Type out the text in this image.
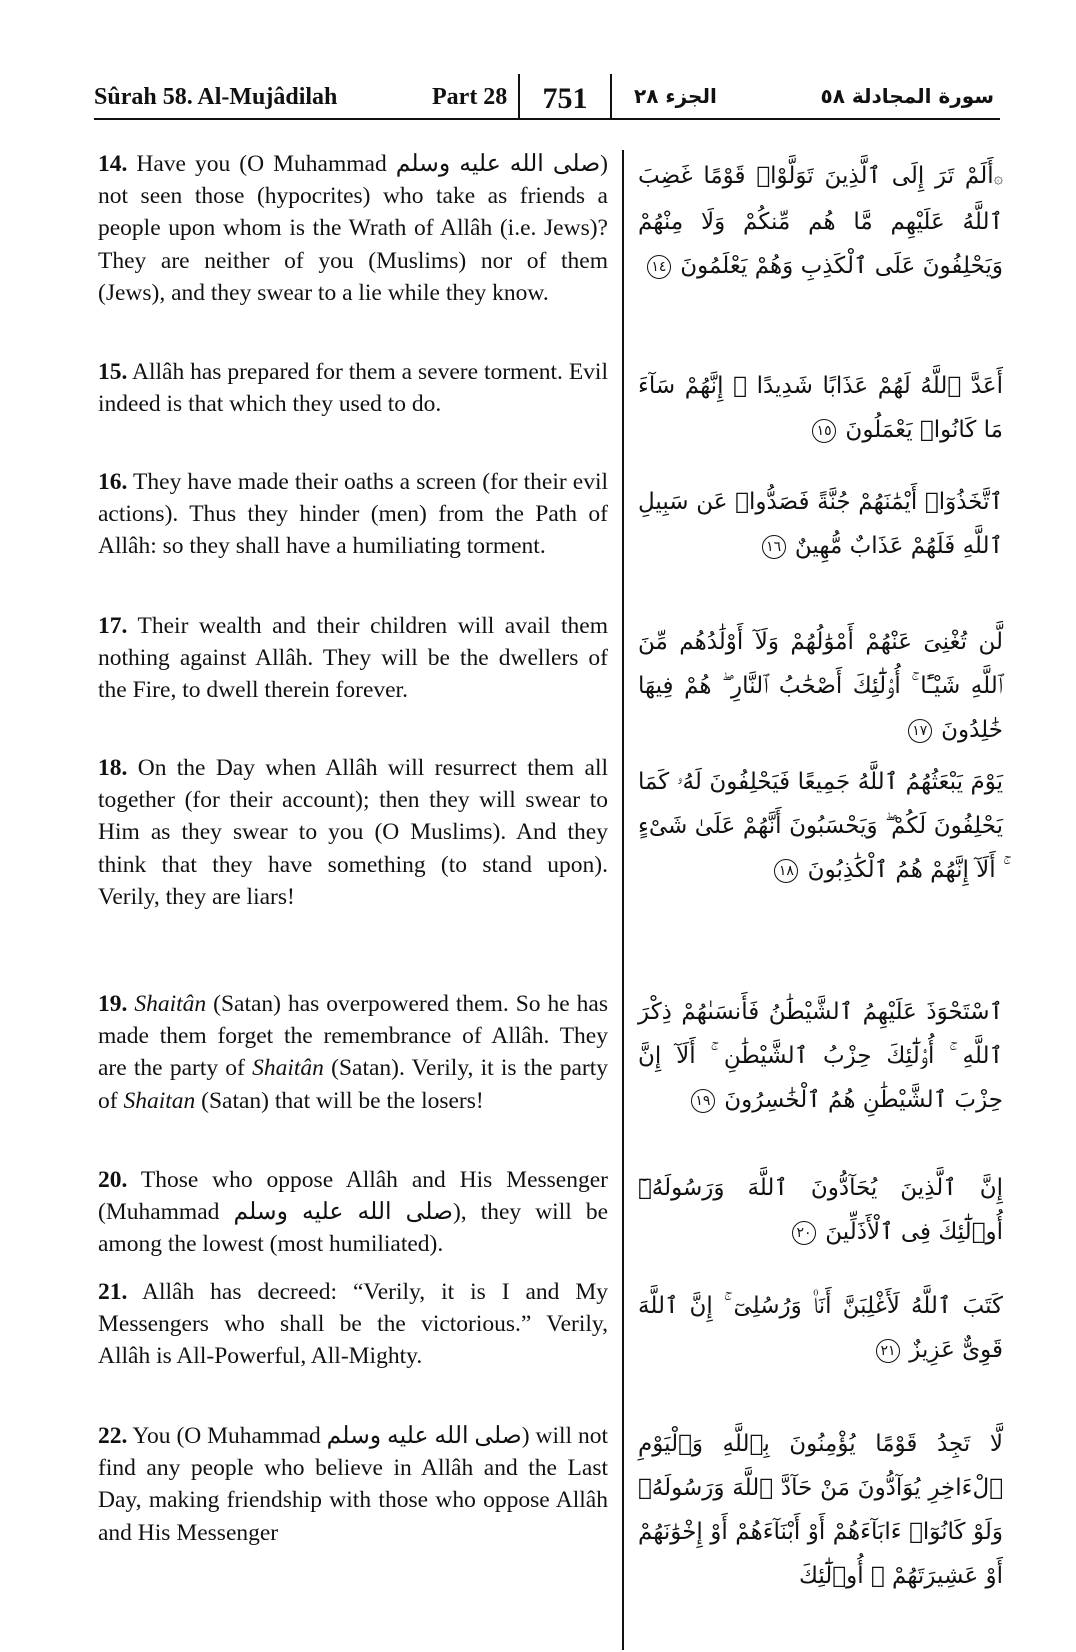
Sûrah 58. Al-Mujâdilah	Part 28	751	الجزء ٢٨	سورة المجادلة ٥٨

14. Have you (O Muhammad صلى الله عليه وسلم) not seen those (hypocrites) who take as friends a people upon whom is the Wrath of Allâh (i.e. Jews)? They are neither of you (Muslims) nor of them (Jews), and they swear to a lie while they know.

15. Allâh has prepared for them a severe torment. Evil indeed is that which they used to do.

16. They have made their oaths a screen (for their evil actions). Thus they hinder (men) from the Path of Allâh: so they shall have a humiliating torment.

17. Their wealth and their children will avail them nothing against Allâh. They will be the dwellers of the Fire, to dwell therein forever.

18. On the Day when Allâh will resurrect them all together (for their account); then they will swear to Him as they swear to you (O Muslims). And they think that they have something (to stand upon). Verily, they are liars!

19. Shaitân (Satan) has overpowered them. So he has made them forget the remembrance of Allâh. They are the party of Shaitân (Satan). Verily, it is the party of Shaitan (Satan) that will be the losers!

20. Those who oppose Allâh and His Messenger (Muhammad صلى الله عليه وسلم), they will be among the lowest (most humiliated).

21. Allâh has decreed: “Verily, it is I and My Messengers who shall be the victorious.” Verily, Allâh is All-Powerful, All-Mighty.

22. You (O Muhammad صلى الله عليه وسلم) will not find any people who believe in Allâh and the Last Day, making friendship with those who oppose Allâh and His Messenger

۞أَلَمْ تَرَ إِلَى ٱلَّذِينَ تَوَلَّوْا۟ قَوْمًا غَضِبَ ٱللَّهُ عَلَيْهِم مَّا هُم مِّنكُمْ وَلَا مِنْهُمْ وَيَحْلِفُونَ عَلَى ٱلْكَذِبِ وَهُمْ يَعْلَمُونَ ١٤

أَعَدَّ ٱللَّهُ لَهُمْ عَذَابًا شَدِيدًا ۖ إِنَّهُمْ سَآءَ مَا كَانُوا۟ يَعْمَلُونَ ١٥

ٱتَّخَذُوٓا۟ أَيْمَٰنَهُمْ جُنَّةً فَصَدُّوا۟ عَن سَبِيلِ ٱللَّهِ فَلَهُمْ عَذَابٌ مُّهِينٌ ١٦

لَّن تُغْنِىَ عَنْهُمْ أَمْوَٰلُهُمْ وَلَآ أَوْلَٰدُهُم مِّنَ ٱللَّهِ شَيْـًٔا ۚ أُو۟لَٰٓئِكَ أَصْحَٰبُ ٱلنَّارِ ۖ هُمْ فِيهَا خَٰلِدُونَ ١٧

يَوْمَ يَبْعَثُهُمُ ٱللَّهُ جَمِيعًا فَيَحْلِفُونَ لَهُۥ كَمَا يَحْلِفُونَ لَكُمْ ۖ وَيَحْسَبُونَ أَنَّهُمْ عَلَىٰ شَىْءٍ ۚ أَلَآ إِنَّهُمْ هُمُ ٱلْكَٰذِبُونَ ١٨

ٱسْتَحْوَذَ عَلَيْهِمُ ٱلشَّيْطَٰنُ فَأَنسَىٰهُمْ ذِكْرَ ٱللَّهِ ۚ أُو۟لَٰٓئِكَ حِزْبُ ٱلشَّيْطَٰنِ ۚ أَلَآ إِنَّ حِزْبَ ٱلشَّيْطَٰنِ هُمُ ٱلْخَٰسِرُونَ ١٩

إِنَّ ٱلَّذِينَ يُحَآدُّونَ ٱللَّهَ وَرَسُولَهُۥٓ أُو۟لَٰٓئِكَ فِى ٱلْأَذَلِّينَ ٢٠

كَتَبَ ٱللَّهُ لَأَغْلِبَنَّ أَنَا۠ وَرُسُلِىٓ ۚ إِنَّ ٱللَّهَ قَوِىٌّ عَزِيزٌ ٢١

لَّا تَجِدُ قَوْمًا يُؤْمِنُونَ بِٱللَّهِ وَٱلْيَوْمِ ٱلْءَاخِرِ يُوَآدُّونَ مَنْ حَآدَّ ٱللَّهَ وَرَسُولَهُۥ وَلَوْ كَانُوٓا۟ ءَابَآءَهُمْ أَوْ أَبْنَآءَهُمْ أَوْ إِخْوَٰنَهُمْ أَوْ عَشِيرَتَهُمْ ۚ أُو۟لَٰٓئِكَ
